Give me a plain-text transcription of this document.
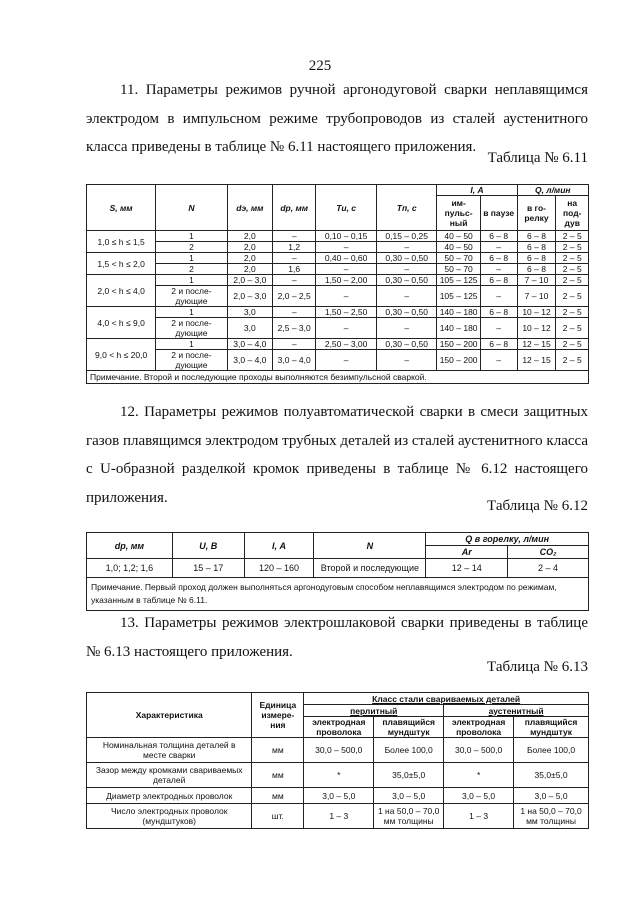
225

11. Параметры режимов ручной аргонодуговой сварки неплавящимся электродом в импульсном режиме трубопроводов из сталей аустенитного класса приведены в таблице № 6.11 настоящего приложения.

Таблица № 6.11
S, мм	N	dэ, мм	dр, мм	Tи, с	Tп, с	I, А		Q, л/мин	
						им-пульс-ный	в паузе	в го-релку	на под-дув
1,0 ≤ h ≤ 1,5	1	2,0	–	0,10 – 0,15	0,15 – 0,25	40 – 50	6 – 8	6 – 8	2 – 5
	2	2,0	1,2	–	–	40 – 50	–	6 – 8	2 – 5
1,5 < h ≤ 2,0	1	2,0	–	0,40 – 0,60	0,30 – 0,50	50 – 70	6 – 8	6 – 8	2 – 5
	2	2,0	1,6	–	–	50 – 70	–	6 – 8	2 – 5
2,0 < h ≤ 4,0	1	2,0 – 3,0	–	1,50 – 2,00	0,30 – 0,50	105 – 125	6 – 8	7 – 10	2 – 5
	2 и после-дующие	2,0 – 3,0	2,0 – 2,5	–	–	105 – 125	–	7 – 10	2 – 5
4,0 < h ≤ 9,0	1	3,0	–	1,50 – 2,50	0,30 – 0,50	140 – 180	6 – 8	10 – 12	2 – 5
	2 и после-дующие	3,0	2,5 – 3,0	–	–	140 – 180	–	10 – 12	2 – 5
9,0 < h ≤ 20,0	1	3,0 – 4,0	–	2,50 – 3,00	0,30 – 0,50	150 – 200	6 – 8	12 – 15	2 – 5
	2 и после-дующие	3,0 – 4,0	3,0 – 4,0	–	–	150 – 200	–	12 – 15	2 – 5
Примечание. Второй и последующие проходы выполняются безимпульсной сваркой.									

12. Параметры режимов полуавтоматической сварки в смеси защитных газов плавящимся электродом трубных деталей из сталей аустенитного класса с U-образной разделкой кромок приведены в таблице № 6.12 настоящего приложения.

Таблица № 6.12
dр, мм	U, В	I, А	N	Q в горелку, л/мин	
				Ar	CO₂
1,0; 1,2; 1,6	15 – 17	120 – 160	Второй и последующие	12 – 14	2 – 4
Примечание. Первый проход должен выполняться аргонодуговым способом неплавящимся электродом по режимам, указанным в таблице № 6.11.					

13. Параметры режимов электрошлаковой сварки приведены в таблице № 6.13 настоящего приложения.

Таблица № 6.13
Характеристика	Единица измере-ния	Класс стали свариваемых деталей			
		перлитный		аустенитный	
		электродная проволока	плавящийся мундштук	электродная проволока	плавящийся мундштук
Номинальная толщина деталей в месте сварки	мм	30,0 – 500,0	Более 100,0	30,0 – 500,0	Более 100,0
Зазор между кромками свариваемых деталей	мм	*	35,0±5,0	*	35,0±5,0
Диаметр электродных проволок	мм	3,0 – 5,0	3,0 – 5,0	3,0 – 5,0	3,0 – 5,0
Число электродных проволок (мундштуков)	шт.	1 – 3	1 на 50,0 – 70,0 мм толщины	1 – 3	1 на 50,0 – 70,0 мм толщины
